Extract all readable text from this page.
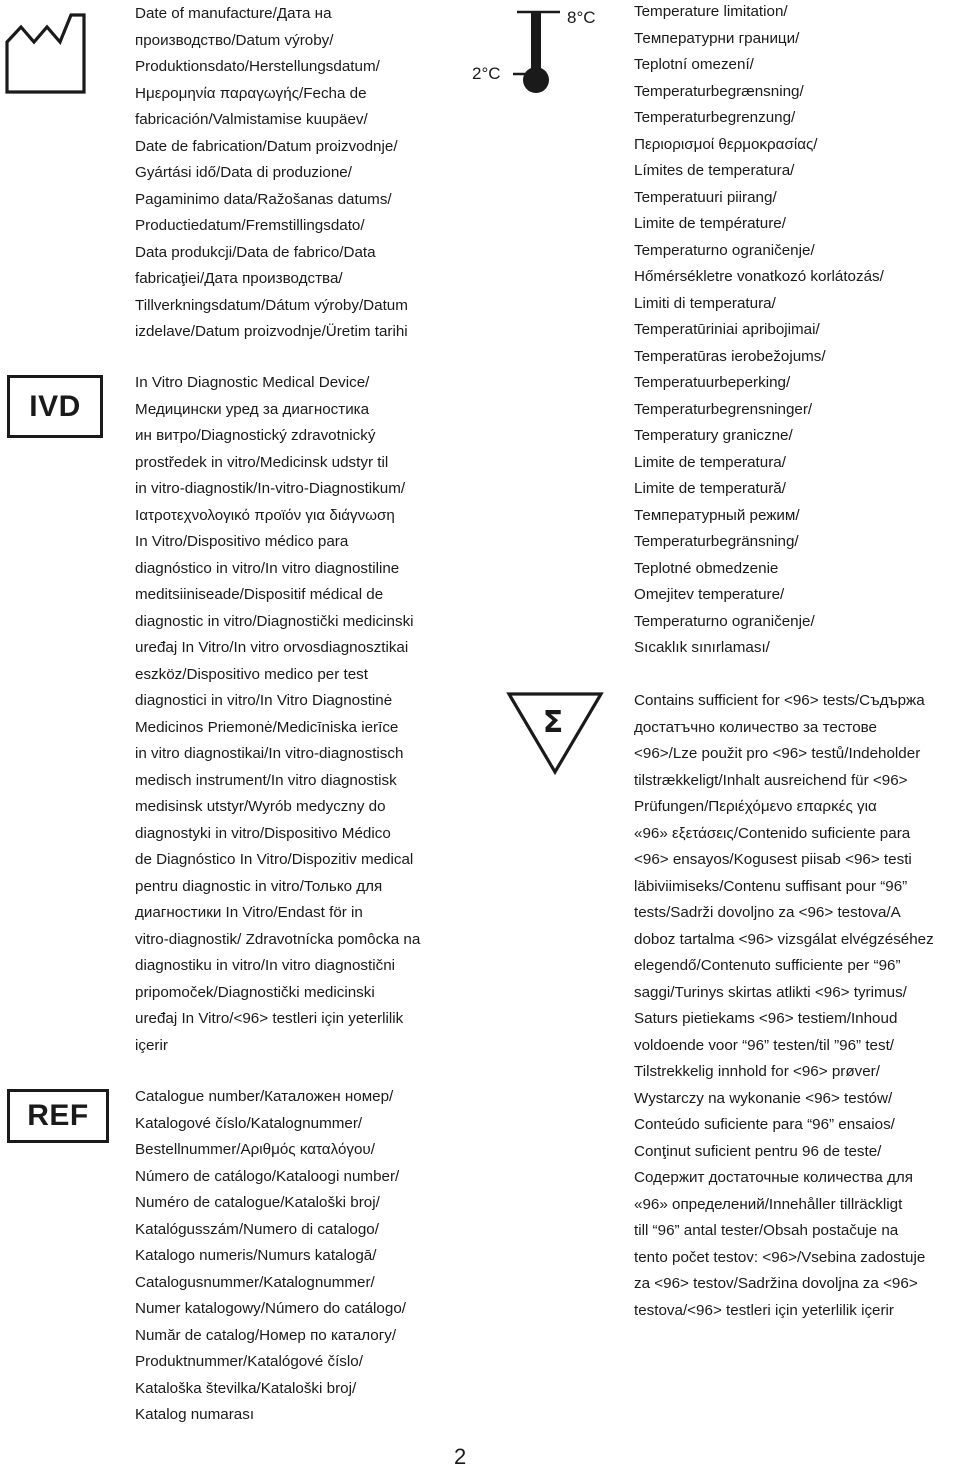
Date of manufacture/Дата на
производство/Datum výroby/
Produktionsdato/Herstellungsdatum/
Ημερομηνία παραγωγής/Fecha de
fabricación/Valmistamise kuupäev/
Date de fabrication/Datum proizvodnje/
Gyártási idő/Data di produzione/
Pagaminimo data/Ražošanas datums/
Productiedatum/Fremstillingsdato/
Data produkcji/Data de fabrico/Data
fabricaţiei/Дата производства/
Tillverkningsdatum/Dátum výroby/Datum
izdelave/Datum proizvodnje/Üretim tarihi
IVD
In Vitro Diagnostic Medical Device/
Медицински уред за диагностика
ин витро/Diagnostický zdravotnický
prostředek in vitro/Medicinsk udstyr til
in vitro-diagnostik/In-vitro-Diagnostikum/
Ιατροτεχνολογικό προϊόν για διάγνωση
In Vitro/Dispositivo médico para
diagnóstico in vitro/In vitro diagnostiline
meditsiiniseade/Dispositif médical de
diagnostic in vitro/Diagnostički medicinski
uređaj In Vitro/In vitro orvosdiagnosztikai
eszköz/Dispositivo medico per test
diagnostici in vitro/In Vitro Diagnostinė
Medicinos Priemonė/Medicīniska ierīce
in vitro diagnostikai/In vitro-diagnostisch
medisch instrument/In vitro diagnostisk
medisinsk utstyr/Wyrób medyczny do
diagnostyki in vitro/Dispositivo Médico
de Diagnóstico In Vitro/Dispozitiv medical
pentru diagnostic in vitro/Только для
диагностики In Vitro/Endast för in
vitro-diagnostik/ Zdravotnícka pomôcka na
diagnostiku in vitro/In vitro diagnostični
pripomoček/Diagnostički medicinski
uređaj In Vitro/<96> testleri için yeterlilik
içerir
REF
Catalogue number/Каталожен номер/
Katalogové číslo/Katalognummer/
Bestellnummer/Αριθμός καταλόγου/
Número de catálogo/Kataloogi number/
Numéro de catalogue/Kataloški broj/
Katalógusszám/Numero di catalogo/
Katalogo numeris/Numurs katalogā/
Catalogusnummer/Katalognummer/
Numer katalogowy/Número do catálogo/
Număr de catalog/Номер по каталогу/
Produktnummer/Katalógové číslo/
Kataloška številka/Kataloški broj/
Katalog numarası
8°C
2°C
Temperature limitation/
Температурни граници/
Teplotní omezení/
Temperaturbegrænsning/
Temperaturbegrenzung/
Περιορισμοί θερμοκρασίας/
Límites de temperatura/
Temperatuuri piirang/
Limite de température/
Temperaturno ograničenje/
Hőmérsékletre vonatkozó korlátozás/
Limiti di temperatura/
Temperatūriniai apribojimai/
Temperatūras ierobežojums/
Temperatuurbeperking/
Temperaturbegrensninger/
Temperatury graniczne/
Limite de temperatura/
Limite de temperatură/
Температурный режим/
Temperaturbegränsning/
Teplotné obmedzenie
Omejitev temperature/
Temperaturno ograničenje/
Sıcaklık sınırlaması/
Σ
Contains sufficient for <96> tests/Съдържа
достатъчно количество за тестове
<96>/Lze použit pro <96> testů/Indeholder
tilstrækkeligt/Inhalt ausreichend für <96>
Prüfungen/Περιέχόμενο επαρκές για
«96» εξετάσεις/Contenido suficiente para
<96> ensayos/Kogusest piisab <96> testi
läbiviimiseks/Contenu suffisant pour “96”
tests/Sadrži dovoljno za <96> testova/A
doboz tartalma <96> vizsgálat elvégzéséhez
elegendő/Contenuto sufficiente per “96”
saggi/Turinys skirtas atlikti <96> tyrimus/
Saturs pietiekams <96> testiem/Inhoud
voldoende voor “96” testen/til ”96” test/
Tilstrekkelig innhold for <96> prøver/
Wystarczy na wykonanie <96> testów/
Conteúdo suficiente para “96” ensaios/
Conţinut suficient pentru 96 de teste/
Содержит достаточные количества для
«96» определений/Innehåller tillräckligt
till “96” antal tester/Obsah postačuje na
tento počet testov: <96>/Vsebina zadostuje
za <96> testov/Sadržina dovoljna za <96>
testova/<96> testleri için yeterlilik içerir
2
